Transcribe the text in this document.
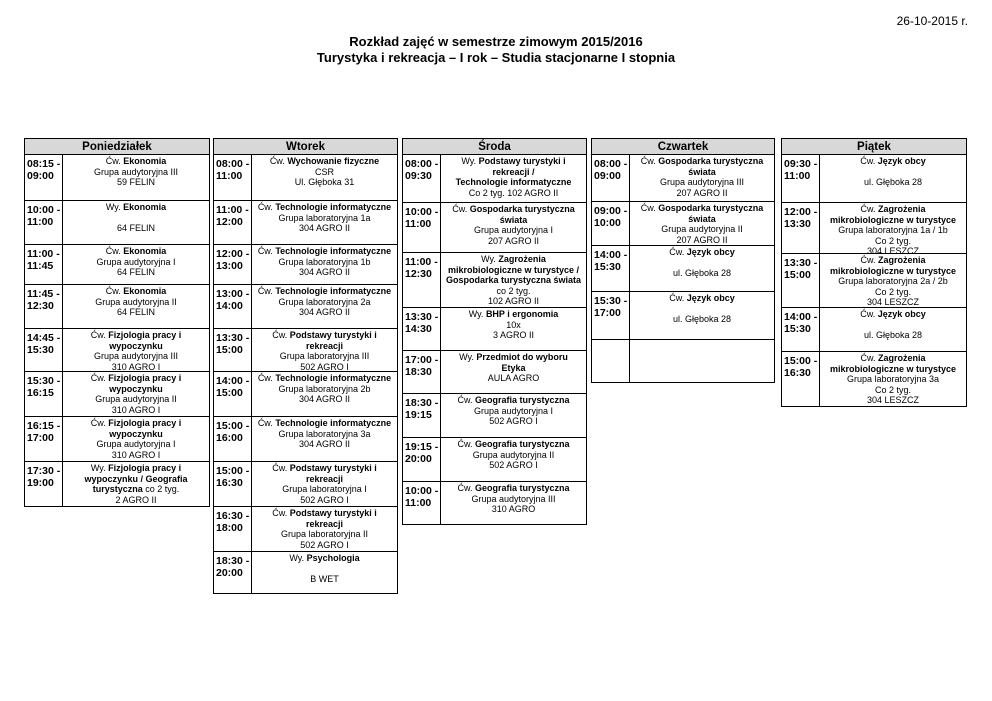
26-10-2015 r.
Rozkład zajęć w semestrze zimowym 2015/2016
Turystyka i rekreacja – I rok – Studia stacjonarne I stopnia
Poniedziałek
08:15 -
09:00
Ćw. Ekonomia
Grupa audytoryjna III
59 FELIN
10:00 -
11:00
Wy. Ekonomia
64 FELIN
11:00 -
11:45
Ćw. Ekonomia
Grupa audytoryjna I
64 FELIN
11:45 -
12:30
Ćw. Ekonomia
Grupa audytoryjna II
64 FELIN
14:45 -
15:30
Ćw. Fizjologia pracy i
wypoczynku
Grupa audytoryjna III
310 AGRO I
15:30 -
16:15
Ćw. Fizjologia pracy i
wypoczynku
Grupa audytoryjna II
310 AGRO I
16:15 -
17:00
Ćw. Fizjologia pracy i
wypoczynku
Grupa audytoryjna I
310 AGRO I
17:30 -
19:00
Wy. Fizjologia pracy i
wypoczynku / Geografia
turystyczna co 2 tyg.
2 AGRO II
Wtorek
08:00 -
11:00
Ćw. Wychowanie fizyczne
CSR
Ul. Głęboka 31
11:00 -
12:00
Ćw. Technologie informatyczne
Grupa laboratoryjna 1a
304 AGRO II
12:00 -
13:00
Ćw. Technologie informatyczne
Grupa laboratoryjna 1b
304 AGRO II
13:00 -
14:00
Ćw. Technologie informatyczne
Grupa laboratoryjna 2a
304 AGRO II
13:30 -
15:00
Ćw. Podstawy turystyki i
rekreacji
Grupa laboratoryjna III
502 AGRO I
14:00 -
15:00
Ćw. Technologie informatyczne
Grupa laboratoryjna 2b
304 AGRO II
15:00 -
16:00
Ćw. Technologie informatyczne
Grupa laboratoryjna 3a
304 AGRO II
15:00 -
16:30
Ćw. Podstawy turystyki i
rekreacji
Grupa laboratoryjna I
502 AGRO I
16:30 -
18:00
Ćw. Podstawy turystyki i
rekreacji
Grupa laboratoryjna II
502 AGRO I
18:30 -
20:00
Wy. Psychologia
B WET
Środa
08:00 -
09:30
Wy. Podstawy turystyki i
rekreacji /
Technologie informatyczne
Co 2 tyg. 102 AGRO II
10:00 -
11:00
Ćw. Gospodarka turystyczna
świata
Grupa audytoryjna I
207 AGRO II
11:00 -
12:30
Wy. Zagrożenia
mikrobiologiczne w turystyce /
Gospodarka turystyczna świata
co 2 tyg.
102 AGRO II
13:30 -
14:30
Wy. BHP i ergonomia
10x
3 AGRO II
17:00 -
18:30
Wy. Przedmiot do wyboru
Etyka
AULA AGRO
18:30 -
19:15
Ćw. Geografia turystyczna
Grupa audytoryjna I
502 AGRO I
19:15 -
20:00
Ćw. Geografia turystyczna
Grupa audytoryjna II
502 AGRO I
10:00 -
11:00
Ćw. Geografia turystyczna
Grupa audytoryjna III
310 AGRO
Czwartek
08:00 -
09:00
Ćw. Gospodarka turystyczna
świata
Grupa audytoryjna III
207 AGRO II
09:00 -
10:00
Ćw. Gospodarka turystyczna
świata
Grupa audytoryjna II
207 AGRO II
14:00 -
15:30
Ćw. Język obcy
ul. Głęboka 28
15:30 -
17:00
Ćw. Język obcy
ul. Głęboka 28
Piątek
09:30 -
11:00
Ćw. Język obcy
ul. Głęboka 28
12:00 -
13:30
Ćw. Zagrożenia
mikrobiologiczne w turystyce
Grupa laboratoryjna 1a / 1b
Co 2 tyg.
304 LESZCZ
13:30 -
15:00
Ćw. Zagrożenia
mikrobiologiczne w turystyce
Grupa laboratoryjna 2a / 2b
Co 2 tyg.
304 LESZCZ
14:00 -
15:30
Ćw. Język obcy
ul. Głęboka 28
15:00 -
16:30
Ćw. Zagrożenia
mikrobiologiczne w turystyce
Grupa laboratoryjna 3a
Co 2 tyg.
304 LESZCZ
